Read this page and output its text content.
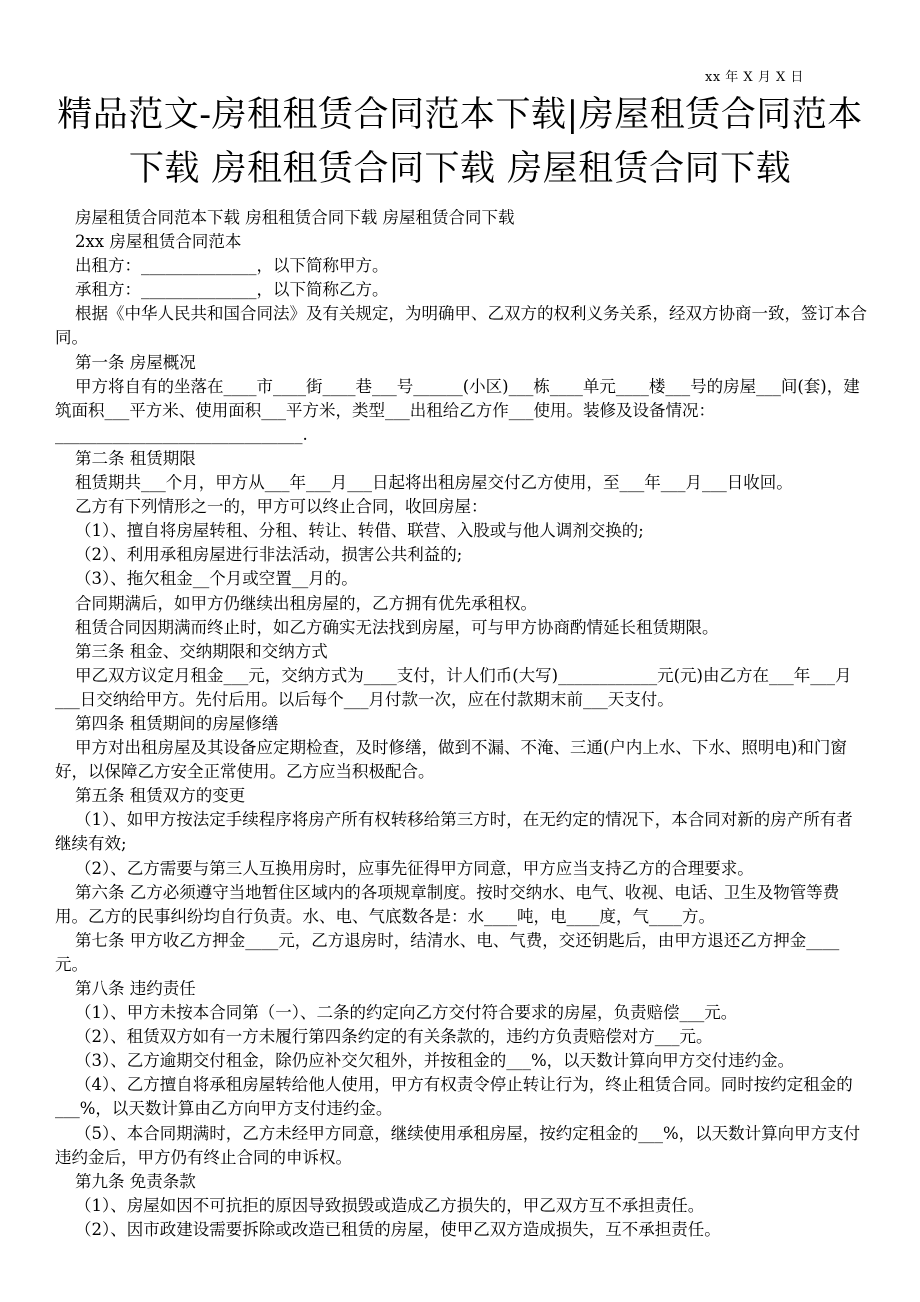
xx 年 X 月 X 日
精品范文-房租租赁合同范本下载|房屋租赁合同范本下载 房租租赁合同下载 房屋租赁合同下载

房屋租赁合同范本下载 房租租赁合同下载 房屋租赁合同下载

2xx 房屋租赁合同范本

出租方：______________，以下简称甲方。

承租方：______________，以下简称乙方。

根据《中华人民共和国合同法》及有关规定，为明确甲、乙双方的权利义务关系，经双方协商一致，签订本合同。

第一条 房屋概况

甲方将自有的坐落在____市____街____巷___号______(小区)___栋____单元____楼___号的房屋___间(套)，建筑面积___平方米、使用面积___平方米，类型___出租给乙方作___使用。装修及设备情况：______________________________.

第二条 租赁期限

租赁期共___个月，甲方从___年___月___日起将出租房屋交付乙方使用，至___年___月___日收回。

乙方有下列情形之一的，甲方可以终止合同，收回房屋：

（1）、擅自将房屋转租、分租、转让、转借、联营、入股或与他人调剂交换的;

（2）、利用承租房屋进行非法活动，损害公共利益的;

（3）、拖欠租金__个月或空置__月的。

合同期满后，如甲方仍继续出租房屋的，乙方拥有优先承租权。

租赁合同因期满而终止时，如乙方确实无法找到房屋，可与甲方协商酌情延长租赁期限。

第三条 租金、交纳期限和交纳方式

甲乙双方议定月租金___元，交纳方式为____支付，计人们币(大写)____________元(元)由乙方在___年___月___日交纳给甲方。先付后用。以后每个___月付款一次，应在付款期末前___天支付。

第四条 租赁期间的房屋修缮

甲方对出租房屋及其设备应定期检查，及时修缮，做到不漏、不淹、三通(户内上水、下水、照明电)和门窗好，以保障乙方安全正常使用。乙方应当积极配合。

第五条 租赁双方的变更

（1）、如甲方按法定手续程序将房产所有权转移给第三方时，在无约定的情况下，本合同对新的房产所有者继续有效;

（2）、乙方需要与第三人互换用房时，应事先征得甲方同意，甲方应当支持乙方的合理要求。

第六条 乙方必须遵守当地暂住区域内的各项规章制度。按时交纳水、电气、收视、电话、卫生及物管等费用。乙方的民事纠纷均自行负责。水、电、气底数各是：水____吨，电____度，气____方。

第七条 甲方收乙方押金____元，乙方退房时，结清水、电、气费，交还钥匙后，由甲方退还乙方押金____元。

第八条 违约责任

（1）、甲方未按本合同第（一）、二条的约定向乙方交付符合要求的房屋，负责赔偿___元。

（2）、租赁双方如有一方未履行第四条约定的有关条款的，违约方负责赔偿对方___元。

（3）、乙方逾期交付租金，除仍应补交欠租外，并按租金的___%，以天数计算向甲方交付违约金。

（4）、乙方擅自将承租房屋转给他人使用，甲方有权责令停止转让行为，终止租赁合同。同时按约定租金的___%，以天数计算由乙方向甲方支付违约金。

（5）、本合同期满时，乙方未经甲方同意，继续使用承租房屋，按约定租金的___%，以天数计算向甲方支付违约金后，甲方仍有终止合同的申诉权。

第九条 免责条款

（1）、房屋如因不可抗拒的原因导致损毁或造成乙方损失的，甲乙双方互不承担责任。

（2）、因市政建设需要拆除或改造已租赁的房屋，使甲乙双方造成损失，互不承担责任。
